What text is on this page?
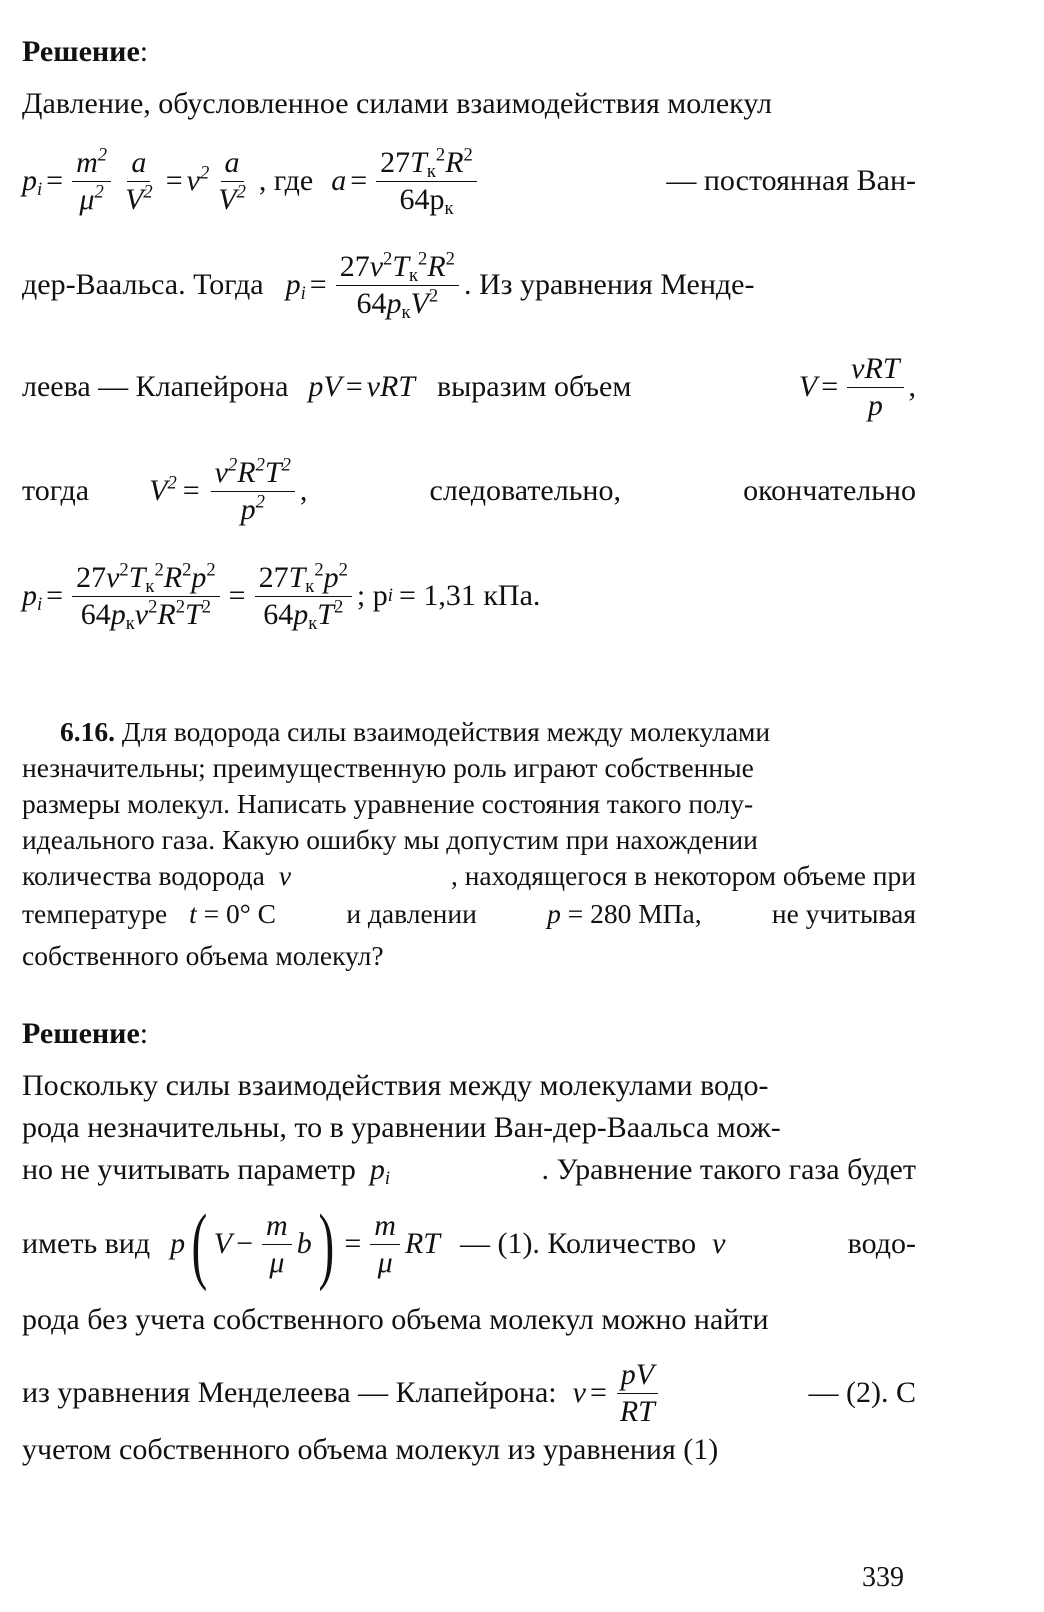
Решение:
Давление, обусловленное силами взаимодействия молекул
$p_i = \frac{m^2}{\mu^2} \frac{a}{V^2} = \nu^2 \frac{a}{V^2}$ , где $a = \frac{27T_к^2R^2}{64p_к}$	— постоянная Ван-
дер-Ваальса. Тогда $p_i = \frac{27\nu^2T_к^2R^2}{64p_кV^2}$ . Из уравнения Менде-
леева — Клапейрона pV = νRT выразим объем	$V = \frac{\text{νRT}}{p}$ ,
тогда $V^2 = \frac{\nu^2R^2T^2}{p^2}$ ,	следовательно,	окончательно
$p_i = \frac{27\nu^2T_к^2R^2p^2}{64p_к\nu^2R^2T^2} = \frac{27T_к^2p^2}{64p_кT^2}$ ; p i = 1,31 кПа.
6.16. Для водорода силы взаимодействия между молекулами
незначительны; преимущественную роль играют собственные
размеры молекул. Написать уравнение состояния такого полу-
идеального газа. Какую ошибку мы допустим при нахождении
количества водорода ν	, находящегося в некотором объеме при
температуре t = 0° С	и давлении	p = 280 МПа,	не учитывая
собственного объема молекул?
Решение:
Поскольку силы взаимодействия между молекулами водо-
рода незначительны, то в уравнении Ван-дер-Ваальса мож-
но не учитывать параметр $p_i$	. Уравнение такого газа будет
иметь вид p ( $V - \frac{m}{\mu}$ b ) = $\frac{m}{\mu}$ RT — (1). Количество ν	водо-
рода без учета собственного объема молекул можно найти
из уравнения Менделеева — Клапейрона: $\nu = \frac{pV}{RT}$	— (2). С
учетом собственного объема молекул из уравнения (1)
339
